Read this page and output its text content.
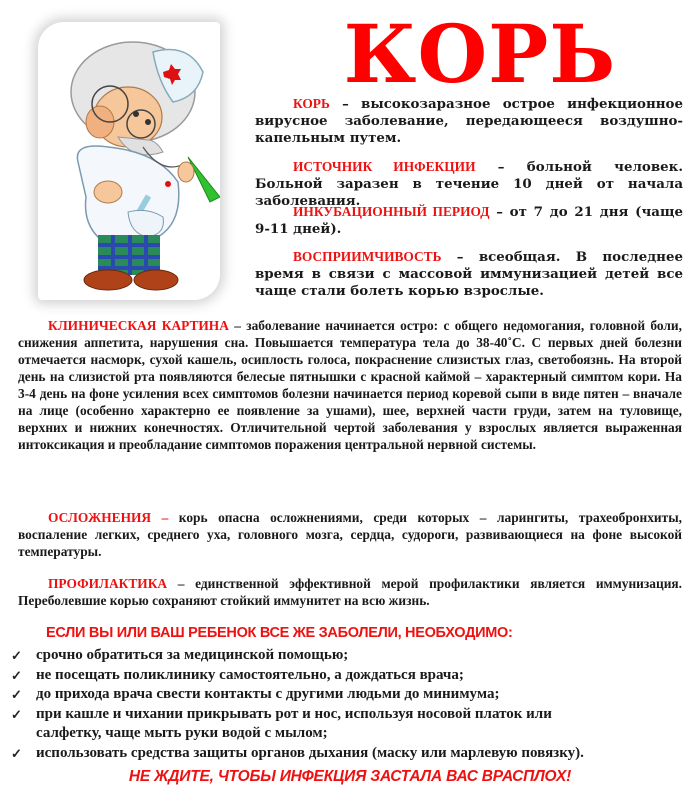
КОРЬ

КОРЬ – высокозаразное острое инфекционное вирусное заболевание, передающееся воздушно-капельным путем.

ИСТОЧНИК ИНФЕКЦИИ – больной человек. Больной заразен в течение 10 дней от начала заболевания.

ИНКУБАЦИОННЫЙ ПЕРИОД – от 7 до 21 дня (чаще 9-11 дней).

ВОСПРИИМЧИВОСТЬ – всеобщая. В последнее время в связи с массовой иммунизацией детей все чаще стали болеть корью взрослые.

КЛИНИЧЕСКАЯ КАРТИНА – заболевание начинается остро: с общего недомогания, головной боли, снижения аппетита, нарушения сна. Повышается температура тела до 38-40˚С. С первых дней болезни отмечается насморк, сухой кашель, осиплость голоса, покраснение слизистых глаз, светобоязнь. На второй день на слизистой рта появляются белесые пятнышки с красной каймой – характерный симптом кори. На 3-4 день на фоне усиления всех симптомов болезни начинается период коревой сыпи в виде пятен – вначале на лице (особенно характерно ее появление за ушами), шее, верхней части груди, затем на туловище, верхних и нижних конечностях. Отличительной чертой заболевания у взрослых является выраженная интоксикация и преобладание симптомов поражения центральной нервной системы.

ОСЛОЖНЕНИЯ – корь опасна осложнениями, среди которых – ларингиты, трахеобронхиты, воспаление легких, среднего уха, головного мозга, сердца, судороги, развивающиеся на фоне высокой температуры.

ПРОФИЛАКТИКА – единственной эффективной мерой профилактики является иммунизация. Переболевшие корью сохраняют стойкий иммунитет на всю жизнь.

ЕСЛИ ВЫ ИЛИ ВАШ РЕБЕНОК ВСЕ ЖЕ ЗАБОЛЕЛИ, НЕОБХОДИМО:
✓ срочно обратиться за медицинской помощью;
✓ не посещать поликлинику самостоятельно, а дождаться врача;
✓ до прихода врача свести контакты с другими людьми до минимума;
✓ при кашле и чихании прикрывать рот и нос, используя носовой платок или салфетку, чаще мыть руки водой с мылом;
✓ использовать средства защиты органов дыхания (маску или марлевую повязку).
НЕ ЖДИТЕ, ЧТОБЫ ИНФЕКЦИЯ ЗАСТАЛА ВАС ВРАСПЛОХ!
